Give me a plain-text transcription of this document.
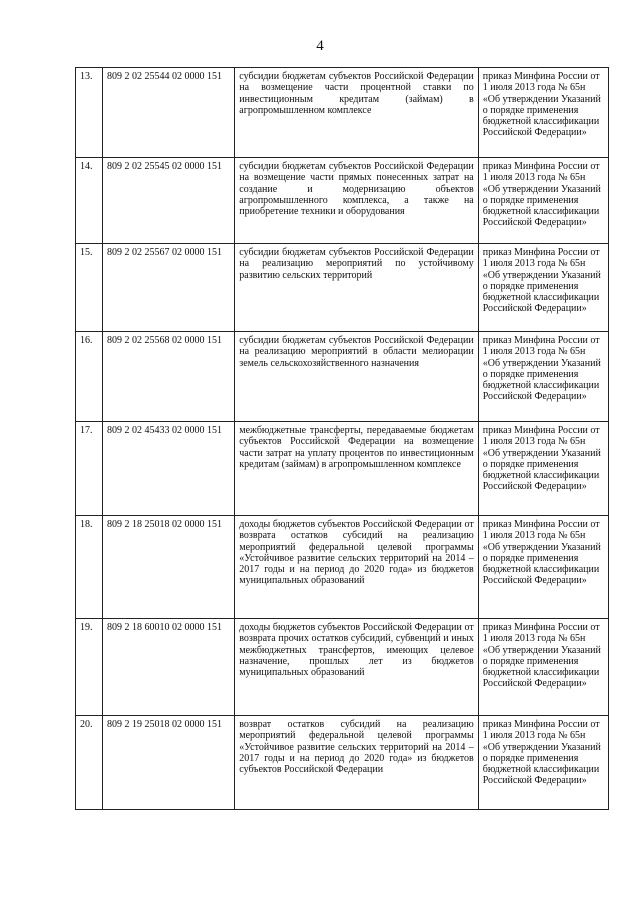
4
13.	809 2 02 25544 02 0000 151	субсидии бюджетам субъектов Российской Федерации на возмещение части процентной ставки по инвестиционным кредитам (займам) в агропромышленном комплексе	приказ Минфина России от 1 июля 2013 года № 65н «Об утверждении Указаний о порядке применения бюджетной классификации Российской Федерации»
14.	809 2 02 25545 02 0000 151	субсидии бюджетам субъектов Российской Федерации на возмещение части прямых понесенных затрат на создание и модернизацию объектов агропромышленного комплекса, а также на приобретение техники и оборудования	приказ Минфина России от 1 июля 2013 года № 65н «Об утверждении Указаний о порядке применения бюджетной классификации Российской Федерации»
15.	809 2 02 25567 02 0000 151	субсидии бюджетам субъектов Российской Федерации на реализацию мероприятий по устойчивому развитию сельских территорий	приказ Минфина России от 1 июля 2013 года № 65н «Об утверждении Указаний о порядке применения бюджетной классификации Российской Федерации»
16.	809 2 02 25568 02 0000 151	субсидии бюджетам субъектов Российской Федерации на реализацию мероприятий в области мелиорации земель сельскохозяйственного назначения	приказ Минфина России от 1 июля 2013 года № 65н «Об утверждении Указаний о порядке применения бюджетной классификации Российской Федерации»
17.	809 2 02 45433 02 0000 151	межбюджетные трансферты, передаваемые бюджетам субъектов Российской Федерации на возмещение части затрат на уплату процентов по инвестиционным кредитам (займам) в агропромышленном комплексе	приказ Минфина России от 1 июля 2013 года № 65н «Об утверждении Указаний о порядке применения бюджетной классификации Российской Федерации»
18.	809 2 18 25018 02 0000 151	доходы бюджетов субъектов Российской Федерации от возврата остатков субсидий на реализацию мероприятий федеральной целевой программы «Устойчивое развитие сельских территорий на 2014 – 2017 годы и на период до 2020 года» из бюджетов муниципальных образований	приказ Минфина России от 1 июля 2013 года № 65н «Об утверждении Указаний о порядке применения бюджетной классификации Российской Федерации»
19.	809 2 18 60010 02 0000 151	доходы бюджетов субъектов Российской Федерации от возврата прочих остатков субсидий, субвенций и иных межбюджетных трансфертов, имеющих целевое назначение, прошлых лет из бюджетов муниципальных образований	приказ Минфина России от 1 июля 2013 года № 65н «Об утверждении Указаний о порядке применения бюджетной классификации Российской Федерации»
20.	809 2 19 25018 02 0000 151	возврат остатков субсидий на реализацию мероприятий федеральной целевой программы «Устойчивое развитие сельских территорий на 2014 – 2017 годы и на период до 2020 года» из бюджетов субъектов Российской Федерации	приказ Минфина России от 1 июля 2013 года № 65н «Об утверждении Указаний о порядке применения бюджетной классификации Российской Федерации»
